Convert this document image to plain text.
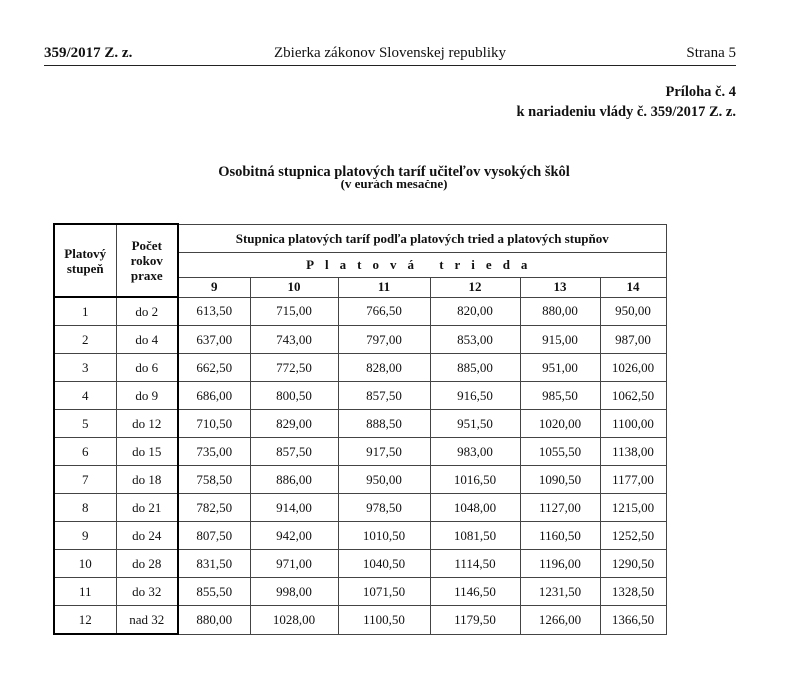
359/2017 Z. z.	Zbierka zákonov Slovenskej republiky	Strana 5
Príloha č. 4
k nariadeniu vlády č. 359/2017 Z. z.
Osobitná stupnica platových taríf učiteľov vysokých škôl
(v eurách mesačne)
Platový stupeň	Počet rokov praxe	Stupnica platových taríf podľa platových tried a platových stupňov					
		Platová trieda					
		9	10	11	12	13	14
1	do 2	613,50	715,00	766,50	820,00	880,00	950,00
2	do 4	637,00	743,00	797,00	853,00	915,00	987,00
3	do 6	662,50	772,50	828,00	885,00	951,00	1026,00
4	do 9	686,00	800,50	857,50	916,50	985,50	1062,50
5	do 12	710,50	829,00	888,50	951,50	1020,00	1100,00
6	do 15	735,00	857,50	917,50	983,00	1055,50	1138,00
7	do 18	758,50	886,00	950,00	1016,50	1090,50	1177,00
8	do 21	782,50	914,00	978,50	1048,00	1127,00	1215,00
9	do 24	807,50	942,00	1010,50	1081,50	1160,50	1252,50
10	do 28	831,50	971,00	1040,50	1114,50	1196,00	1290,50
11	do 32	855,50	998,00	1071,50	1146,50	1231,50	1328,50
12	nad 32	880,00	1028,00	1100,50	1179,50	1266,00	1366,50
